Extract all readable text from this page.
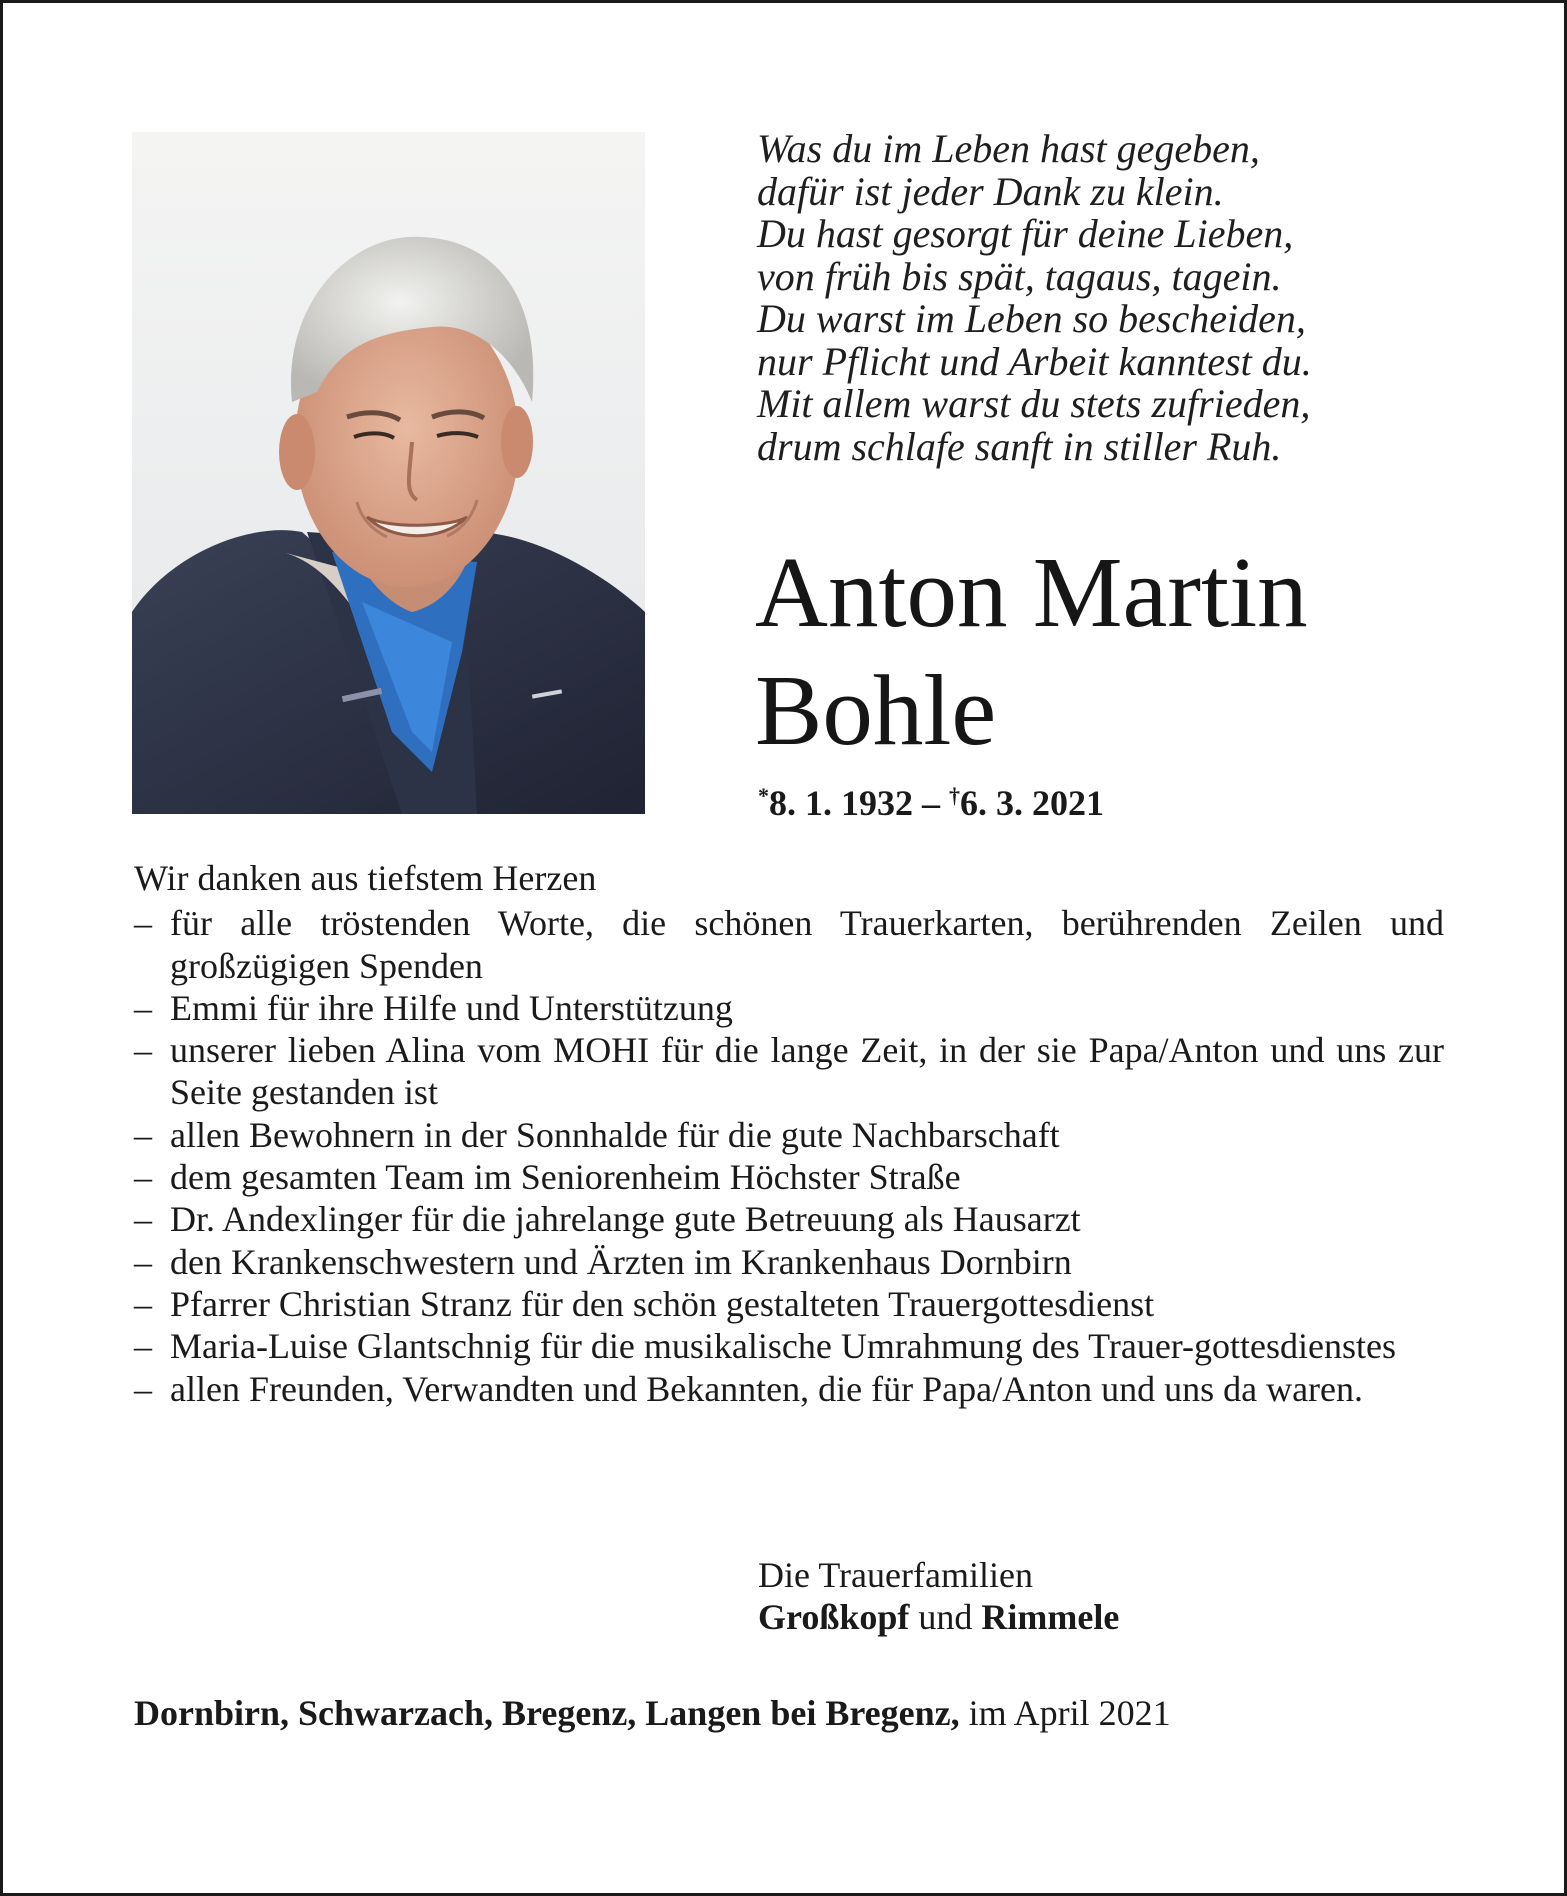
Was du im Leben hast gegeben,
dafür ist jeder Dank zu klein.
Du hast gesorgt für deine Lieben,
von früh bis spät, tagaus, tagein.
Du warst im Leben so bescheiden,
nur Pflicht und Arbeit kanntest du.
Mit allem warst du stets zufrieden,
drum schlafe sanft in stiller Ruh.
Anton Martin
Bohle
*8. 1. 1932 – †6. 3. 2021
Wir danken aus tiefstem Herzen
– für alle tröstenden Worte, die schönen Trauerkarten, berührenden Zeilen und großzügigen Spenden
– Emmi für ihre Hilfe und Unterstützung
– unserer lieben Alina vom MOHI für die lange Zeit, in der sie Papa/Anton und uns zur Seite gestanden ist
– allen Bewohnern in der Sonnhalde für die gute Nachbarschaft
– dem gesamten Team im Seniorenheim Höchster Straße
– Dr. Andexlinger für die jahrelange gute Betreuung als Hausarzt
– den Krankenschwestern und Ärzten im Krankenhaus Dornbirn
– Pfarrer Christian Stranz für den schön gestalteten Trauergottesdienst
– Maria-Luise Glantschnig für die musikalische Umrahmung des Trauer-gottesdienstes
– allen Freunden, Verwandten und Bekannten, die für Papa/Anton und uns da waren.
Die Trauerfamilien
Großkopf und Rimmele
Dornbirn, Schwarzach, Bregenz, Langen bei Bregenz, im April 2021
